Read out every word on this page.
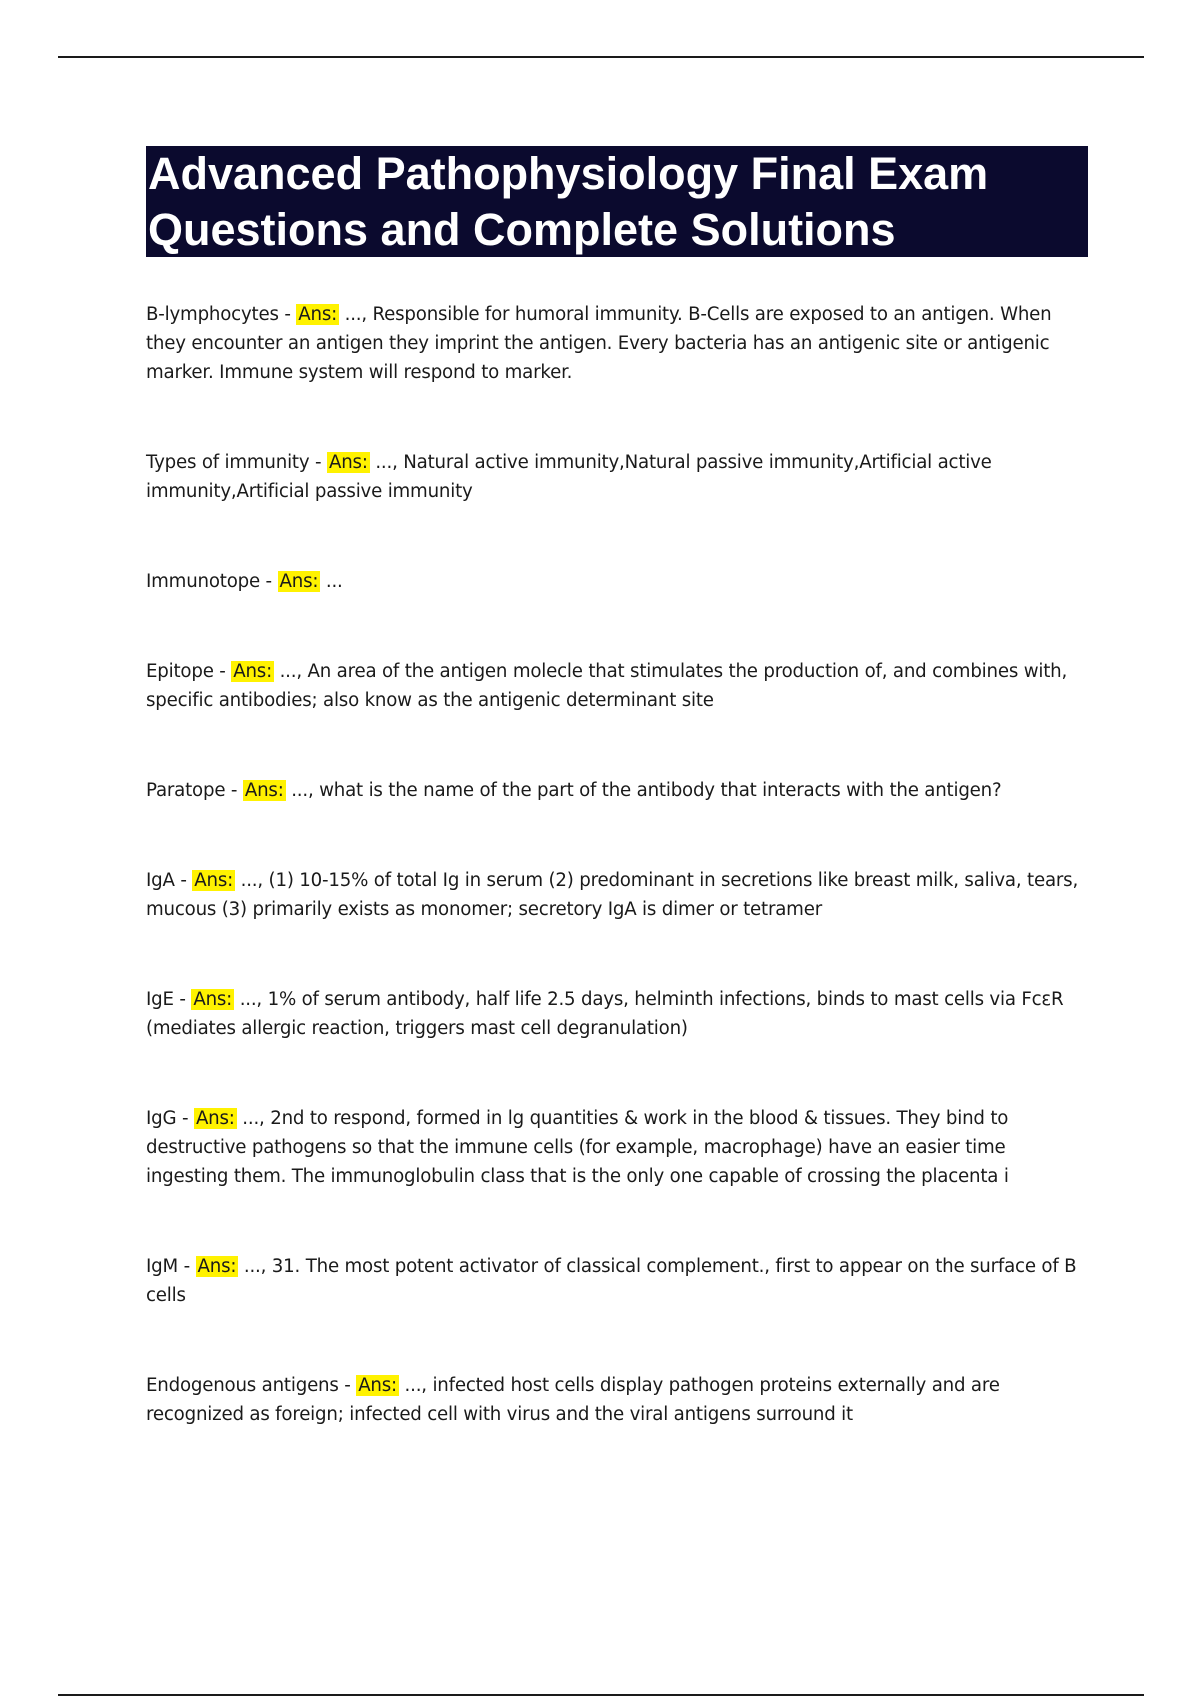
Advanced Pathophysiology Final Exam
Questions and Complete Solutions

B-lymphocytes - Ans: ..., Responsible for humoral immunity. B-Cells are exposed to an antigen. When they encounter an antigen they imprint the antigen. Every bacteria has an antigenic site or antigenic marker. Immune system will respond to marker.

Types of immunity - Ans: ..., Natural active immunity,Natural passive immunity,Artificial active immunity,Artificial passive immunity

Immunotope - Ans: ...

Epitope - Ans: ..., An area of the antigen molecle that stimulates the production of, and combines with, specific antibodies; also know as the antigenic determinant site

Paratope - Ans: ..., what is the name of the part of the antibody that interacts with the antigen?

IgA - Ans: ..., (1) 10-15% of total Ig in serum (2) predominant in secretions like breast milk, saliva, tears, mucous (3) primarily exists as monomer; secretory IgA is dimer or tetramer

IgE - Ans: ..., 1% of serum antibody, half life 2.5 days, helminth infections, binds to mast cells via FcεR (mediates allergic reaction, triggers mast cell degranulation)

IgG - Ans: ..., 2nd to respond, formed in lg quantities & work in the blood & tissues. They bind to destructive pathogens so that the immune cells (for example, macrophage) have an easier time ingesting them. The immunoglobulin class that is the only one capable of crossing the placenta i

IgM - Ans: ..., 31. The most potent activator of classical complement., first to appear on the surface of B cells

Endogenous antigens - Ans: ..., infected host cells display pathogen proteins externally and are recognized as foreign; infected cell with virus and the viral antigens surround it
